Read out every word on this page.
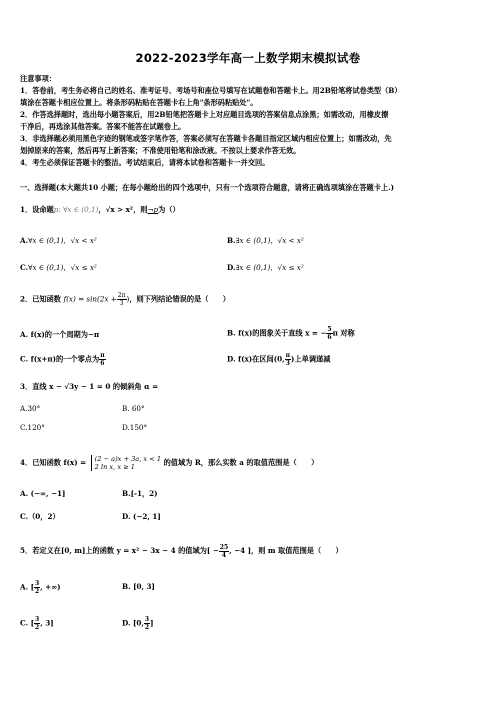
2022-2023学年高一上数学期末模拟试卷
注意事项：
1．答卷前，考生务必将自己的姓名、准考证号、考场号和座位号填写在试题卷和答题卡上。用2B铅笔将试卷类型（B）
填涂在答题卡相应位置上。将条形码粘贴在答题卡右上角"条形码粘贴处"。
2．作答选择题时，选出每小题答案后，用2B铅笔把答题卡上对应题目选项的答案信息点涂黑；如需改动，用橡皮擦
干净后，再选涂其他答案。答案不能答在试题卷上。
3．非选择题必须用黑色字迹的钢笔或签字笔作答，答案必须写在答题卡各题目指定区域内相应位置上；如需改动，先
划掉原来的答案，然后再写上新答案；不准使用铅笔和涂改液。不按以上要求作答无效。
4．考生必须保证答题卡的整洁。考试结束后，请将本试卷和答题卡一并交回。
一、选择题(本大题共10 小题；在每小题给出的四个选项中，只有一个选项符合题意，请将正确选项填涂在答题卡上.)
1．设命题p: ∀x ∈ (0,1)，√x > x²，则¬p为（）
A.∀x ∈ (0,1)，√x < x²	B.∃x ∈ (0,1)，√x < x²
C.∀x ∈ (0,1)，√x ≤ x²	D.∃x ∈ (0,1)，√x ≤ x²
2．已知函数 $f(x) = \sin(2x + \frac{2\pi}{3}$ )，则下列结论错误的是（　　）
A. f(x)的一个周期为−π	B. f(x)的图象关于直线 x = − $\frac{5}{6}$ π 对称
C. f(x+π)的一个零点为 $\frac{\pi}{6}$	D. f(x)在区间(0, $\frac{\pi}{3}$ )上单调递减
3．直线 x − √3y − 1 = 0 的倾斜角 α =
A.30°	B. 60°
C.120°	D.150°
4．已知函数 f(x) = (2 − a)x + 3a, x < 1
2 ln x, x ≥ 1	的值域为 R，那么实数 a 的取值范围是（　　）
A. (−∞, −1]	B.[-1，2)
C.（0，2）	D. (−2, 1]
5．若定义在[0, m]上的函数 y = x² − 3x − 4 的值域为[ − $\frac{25}{4}$ , −4 ]，则 m 取值范围是（　　）
A. [ $\frac{3}{2}$ , +∞)	B. [0, 3]
C. [ $\frac{3}{2}$ , 3]	D. [0, $\frac{3}{2}$ ]
